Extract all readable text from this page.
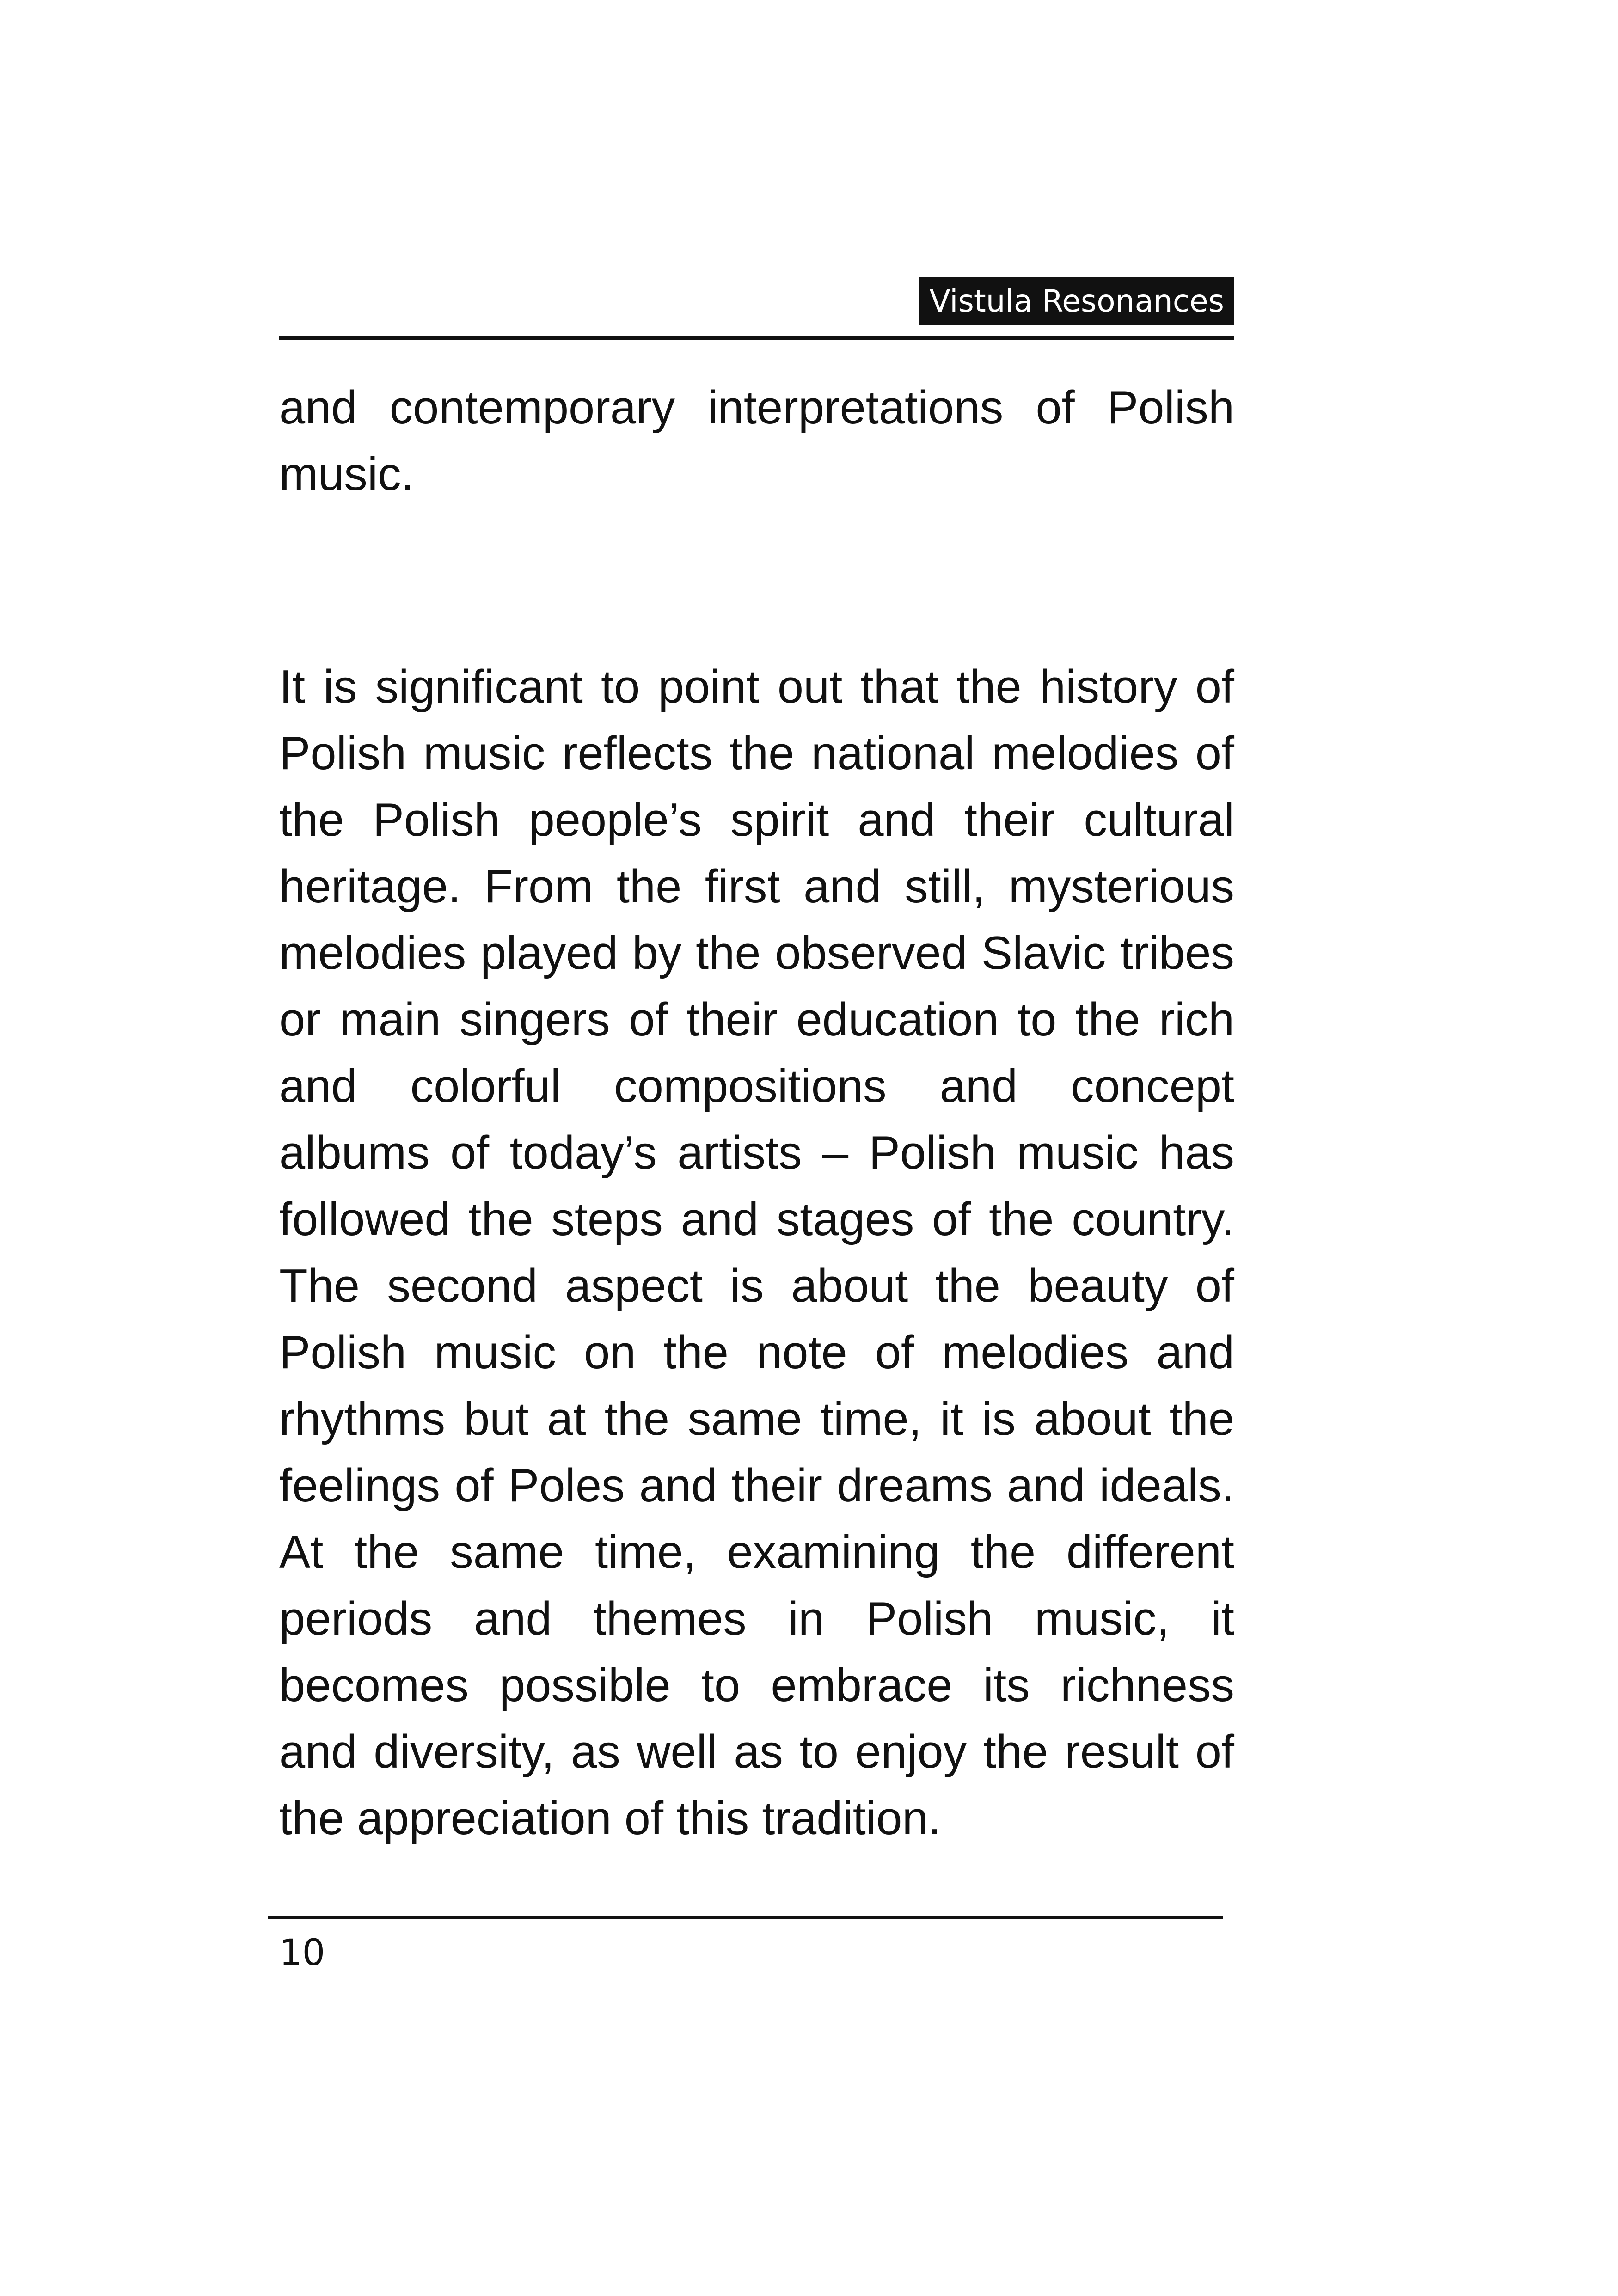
Vistula Resonances

and contemporary interpretations of Polish music.

It is significant to point out that the history of Polish music reflects the national melodies of the Polish people’s spirit and their cultural heritage. From the first and still, mysterious melodies played by the observed Slavic tribes or main singers of their education to the rich and colorful compositions and concept albums of today’s artists – Polish music has followed the steps and stages of the country. The second aspect is about the beauty of Polish music on the note of melodies and rhythms but at the same time, it is about the feelings of Poles and their dreams and ideals. At the same time, examining the different periods and themes in Polish music, it becomes possible to embrace its richness and diversity, as well as to enjoy the result of the appreciation of this tradition.

10
